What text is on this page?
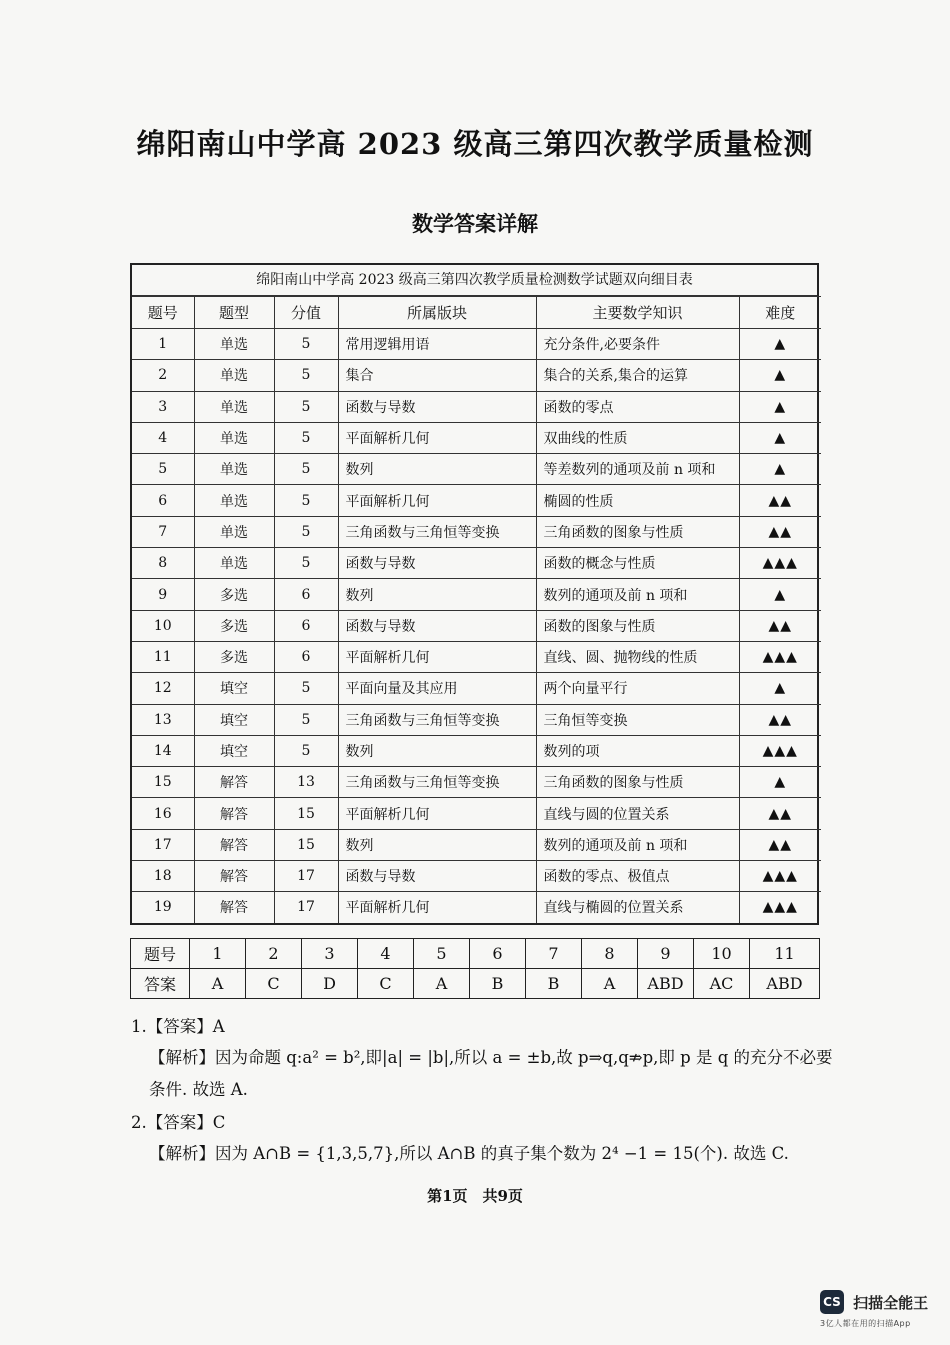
绵阳南山中学高 2023 级高三第四次教学质量检测
数学答案详解
绵阳南山中学高 2023 级高三第四次教学质量检测数学试题双向细目表
题号	题型	分值	所属版块	主要数学知识	难度
1	单选	5	常用逻辑用语	充分条件,必要条件	▲
2	单选	5	集合	集合的关系,集合的运算	▲
3	单选	5	函数与导数	函数的零点	▲
4	单选	5	平面解析几何	双曲线的性质	▲
5	单选	5	数列	等差数列的通项及前 n 项和	▲
6	单选	5	平面解析几何	椭圆的性质	▲▲
7	单选	5	三角函数与三角恒等变换	三角函数的图象与性质	▲▲
8	单选	5	函数与导数	函数的概念与性质	▲▲▲
9	多选	6	数列	数列的通项及前 n 项和	▲
10	多选	6	函数与导数	函数的图象与性质	▲▲
11	多选	6	平面解析几何	直线、圆、抛物线的性质	▲▲▲
12	填空	5	平面向量及其应用	两个向量平行	▲
13	填空	5	三角函数与三角恒等变换	三角恒等变换	▲▲
14	填空	5	数列	数列的项	▲▲▲
15	解答	13	三角函数与三角恒等变换	三角函数的图象与性质	▲
16	解答	15	平面解析几何	直线与圆的位置关系	▲▲
17	解答	15	数列	数列的通项及前 n 项和	▲▲
18	解答	17	函数与导数	函数的零点、极值点	▲▲▲
19	解答	17	平面解析几何	直线与椭圆的位置关系	▲▲▲
题号	1	2	3	4	5	6	7	8	9	10	11
答案	A	C	D	C	A	B	B	A	ABD	AC	ABD
1.【答案】A
【解析】因为命题 q:a² = b²,即|a| = |b|,所以 a = ±b,故 p⇒q,q⇏p,即 p 是 q 的充分不必要
条件. 故选 A.
2.【答案】C
【解析】因为 A∩B = {1,3,5,7},所以 A∩B 的真子集个数为 2⁴ −1 = 15(个). 故选 C.
第1页　共9页
CS 扫描全能王
3亿人都在用的扫描App
